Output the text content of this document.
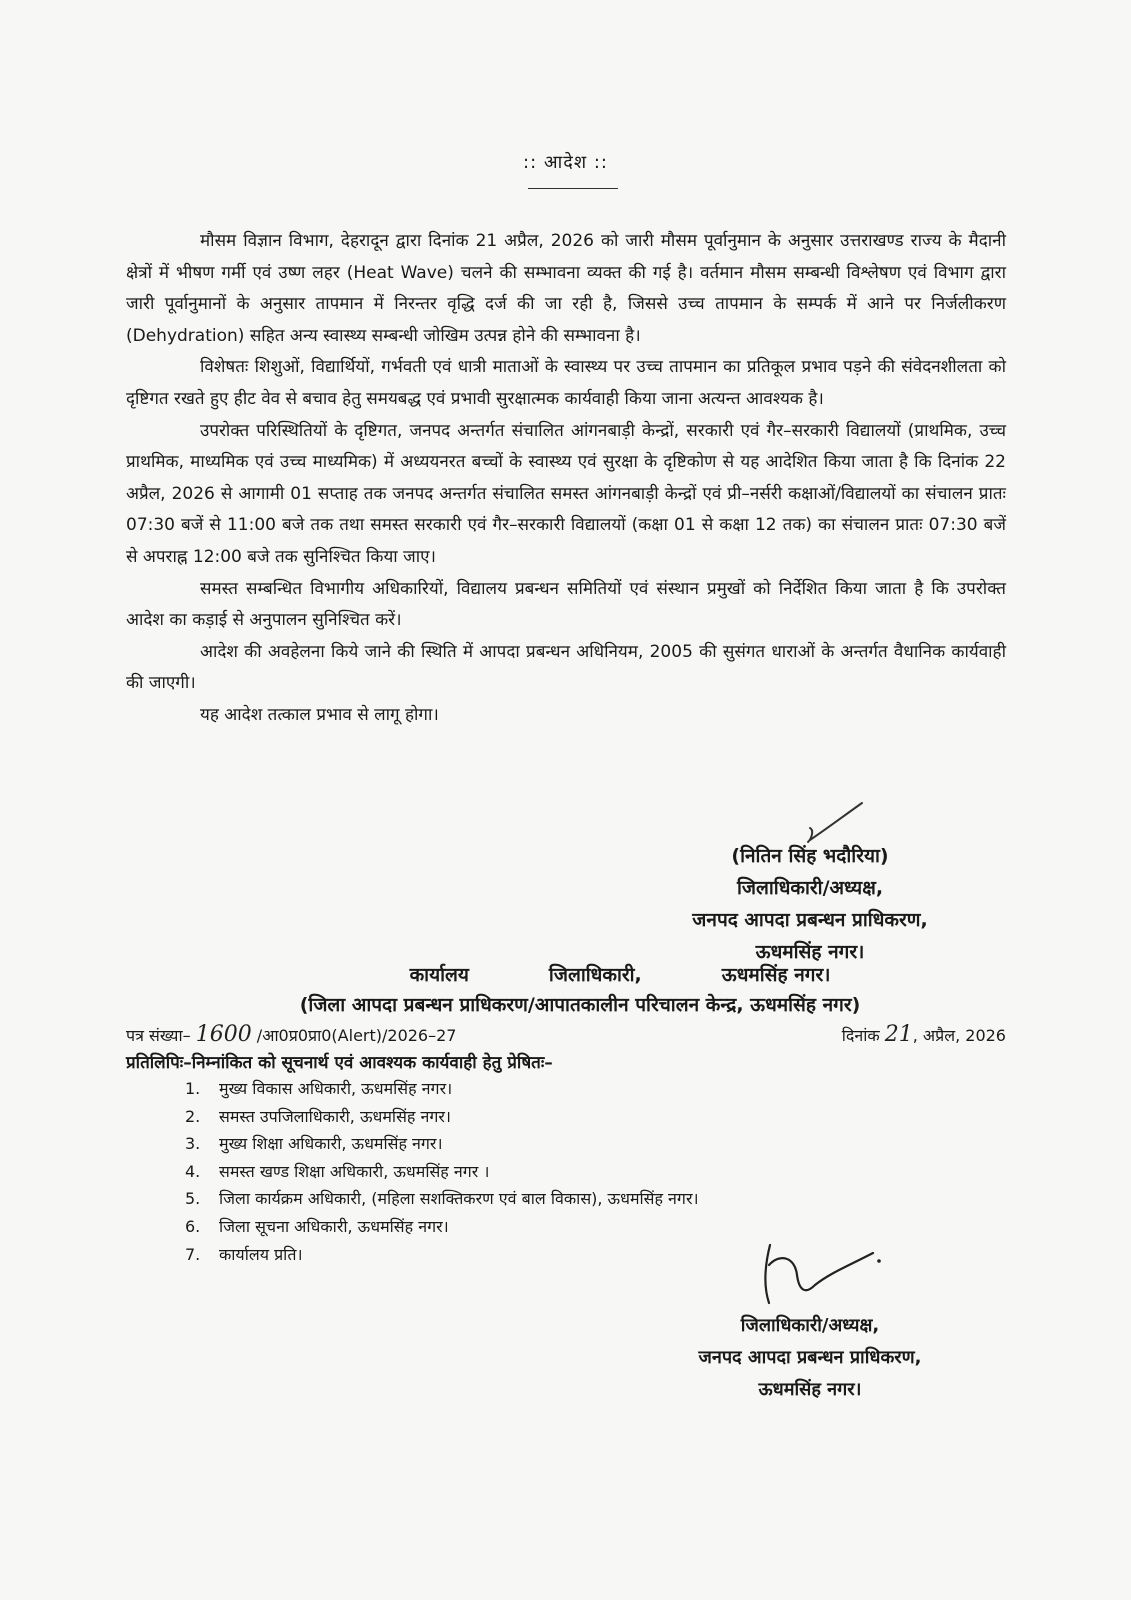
:: आदेश ::

मौसम विज्ञान विभाग, देहरादून द्वारा दिनांक 21 अप्रैल, 2026 को जारी मौसम पूर्वानुमान के अनुसार उत्तराखण्ड राज्य के मैदानी क्षेत्रों में भीषण गर्मी एवं उष्ण लहर (Heat Wave) चलने की सम्भावना व्यक्त की गई है। वर्तमान मौसम सम्बन्धी विश्लेषण एवं विभाग द्वारा जारी पूर्वानुमानों के अनुसार तापमान में निरन्तर वृद्धि दर्ज की जा रही है, जिससे उच्च तापमान के सम्पर्क में आने पर निर्जलीकरण (Dehydration) सहित अन्य स्वास्थ्य सम्बन्धी जोखिम उत्पन्न होने की सम्भावना है।

विशेषतः शिशुओं, विद्यार्थियों, गर्भवती एवं धात्री माताओं के स्वास्थ्य पर उच्च तापमान का प्रतिकूल प्रभाव पड़ने की संवेदनशीलता को दृष्टिगत रखते हुए हीट वेव से बचाव हेतु समयबद्ध एवं प्रभावी सुरक्षात्मक कार्यवाही किया जाना अत्यन्त आवश्यक है।

उपरोक्त परिस्थितियों के दृष्टिगत, जनपद अन्तर्गत संचालित आंगनबाड़ी केन्द्रों, सरकारी एवं गैर–सरकारी विद्यालयों (प्राथमिक, उच्च प्राथमिक, माध्यमिक एवं उच्च माध्यमिक) में अध्ययनरत बच्चों के स्वास्थ्य एवं सुरक्षा के दृष्टिकोण से यह आदेशित किया जाता है कि दिनांक 22 अप्रैल, 2026 से आगामी 01 सप्ताह तक जनपद अन्तर्गत संचालित समस्त आंगनबाड़ी केन्द्रों एवं प्री–नर्सरी कक्षाओं/विद्यालयों का संचालन प्रातः 07:30 बजें से 11:00 बजे तक तथा समस्त सरकारी एवं गैर–सरकारी विद्यालयों (कक्षा 01 से कक्षा 12 तक) का संचालन प्रातः 07:30 बजें से अपराह्न 12:00 बजे तक सुनिश्चित किया जाए।

समस्त सम्बन्धित विभागीय अधिकारियों, विद्यालय प्रबन्धन समितियों एवं संस्थान प्रमुखों को निर्देशित किया जाता है कि उपरोक्त आदेश का कड़ाई से अनुपालन सुनिश्चित करें।

आदेश की अवहेलना किये जाने की स्थिति में आपदा प्रबन्धन अधिनियम, 2005 की सुसंगत धाराओं के अन्तर्गत वैधानिक कार्यवाही की जाएगी।

यह आदेश तत्काल प्रभाव से लागू होगा।

(नितिन सिंह भदौरिया)
जिलाधिकारी/अध्यक्ष,
जनपद आपदा प्रबन्धन प्राधिकरण,
ऊधमसिंह नगर।
कार्यालय	जिलाधिकारी,	ऊधमसिंह नगर।
(जिला आपदा प्रबन्धन प्राधिकरण/आपातकालीन परिचालन केन्द्र, ऊधमसिंह नगर)
पत्र संख्या– 1600 /आ0प्र0प्रा0(Alert)/2026–27	दिनांक 21, अप्रैल, 2026
प्रतिलिपिः–निम्नांकित को सूचनार्थ एवं आवश्यक कार्यवाही हेतु प्रेषितः–
1.	मुख्य विकास अधिकारी, ऊधमसिंह नगर।
2.	समस्त उपजिलाधिकारी, ऊधमसिंह नगर।
3.	मुख्य शिक्षा अधिकारी, ऊधमसिंह नगर।
4.	समस्त खण्ड शिक्षा अधिकारी, ऊधमसिंह नगर ।
5.	जिला कार्यक्रम अधिकारी, (महिला सशक्तिकरण एवं बाल विकास), ऊधमसिंह नगर।
6.	जिला सूचना अधिकारी, ऊधमसिंह नगर।
7.	कार्यालय प्रति।
जिलाधिकारी/अध्यक्ष,
जनपद आपदा प्रबन्धन प्राधिकरण,
ऊधमसिंह नगर।
